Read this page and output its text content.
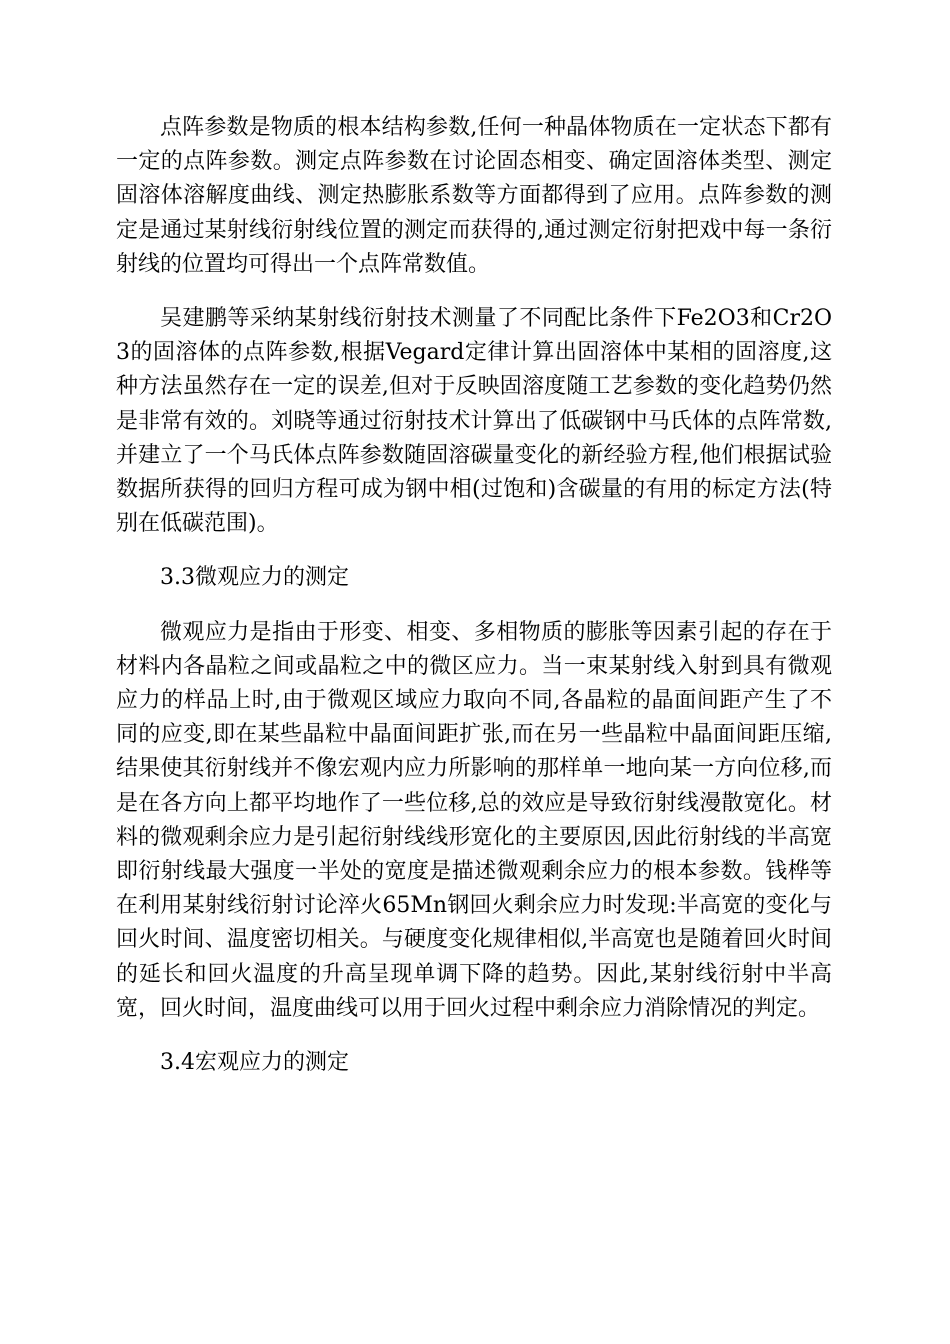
点阵参数是物质的根本结构参数,任何一种晶体物质在一定状态下都有一定的点阵参数。测定点阵参数在讨论固态相变、确定固溶体类型、测定固溶体溶解度曲线、测定热膨胀系数等方面都得到了应用。点阵参数的测定是通过某射线衍射线位置的测定而获得的,通过测定衍射把戏中每一条衍射线的位置均可得出一个点阵常数值。

吴建鹏等采纳某射线衍射技术测量了不同配比条件下Fe2O3和Cr2O3的固溶体的点阵参数,根据Vegard定律计算出固溶体中某相的固溶度,这种方法虽然存在一定的误差,但对于反映固溶度随工艺参数的变化趋势仍然是非常有效的。刘晓等通过衍射技术计算出了低碳钢中马氏体的点阵常数,并建立了一个马氏体点阵参数随固溶碳量变化的新经验方程,他们根据试验数据所获得的回归方程可成为钢中相(过饱和)含碳量的有用的标定方法(特别在低碳范围)。

3.3微观应力的测定

微观应力是指由于形变、相变、多相物质的膨胀等因素引起的存在于材料内各晶粒之间或晶粒之中的微区应力。当一束某射线入射到具有微观应力的样品上时,由于微观区域应力取向不同,各晶粒的晶面间距产生了不同的应变,即在某些晶粒中晶面间距扩张,而在另一些晶粒中晶面间距压缩,结果使其衍射线并不像宏观内应力所影响的那样单一地向某一方向位移,而是在各方向上都平均地作了一些位移,总的效应是导致衍射线漫散宽化。材料的微观剩余应力是引起衍射线线形宽化的主要原因,因此衍射线的半高宽即衍射线最大强度一半处的宽度是描述微观剩余应力的根本参数。钱桦等在利用某射线衍射讨论淬火65Mn钢回火剩余应力时发现:半高宽的变化与回火时间、温度密切相关。与硬度变化规律相似,半高宽也是随着回火时间的延长和回火温度的升高呈现单调下降的趋势。因此,某射线衍射中半高宽，回火时间，温度曲线可以用于回火过程中剩余应力消除情况的判定。

3.4宏观应力的测定
